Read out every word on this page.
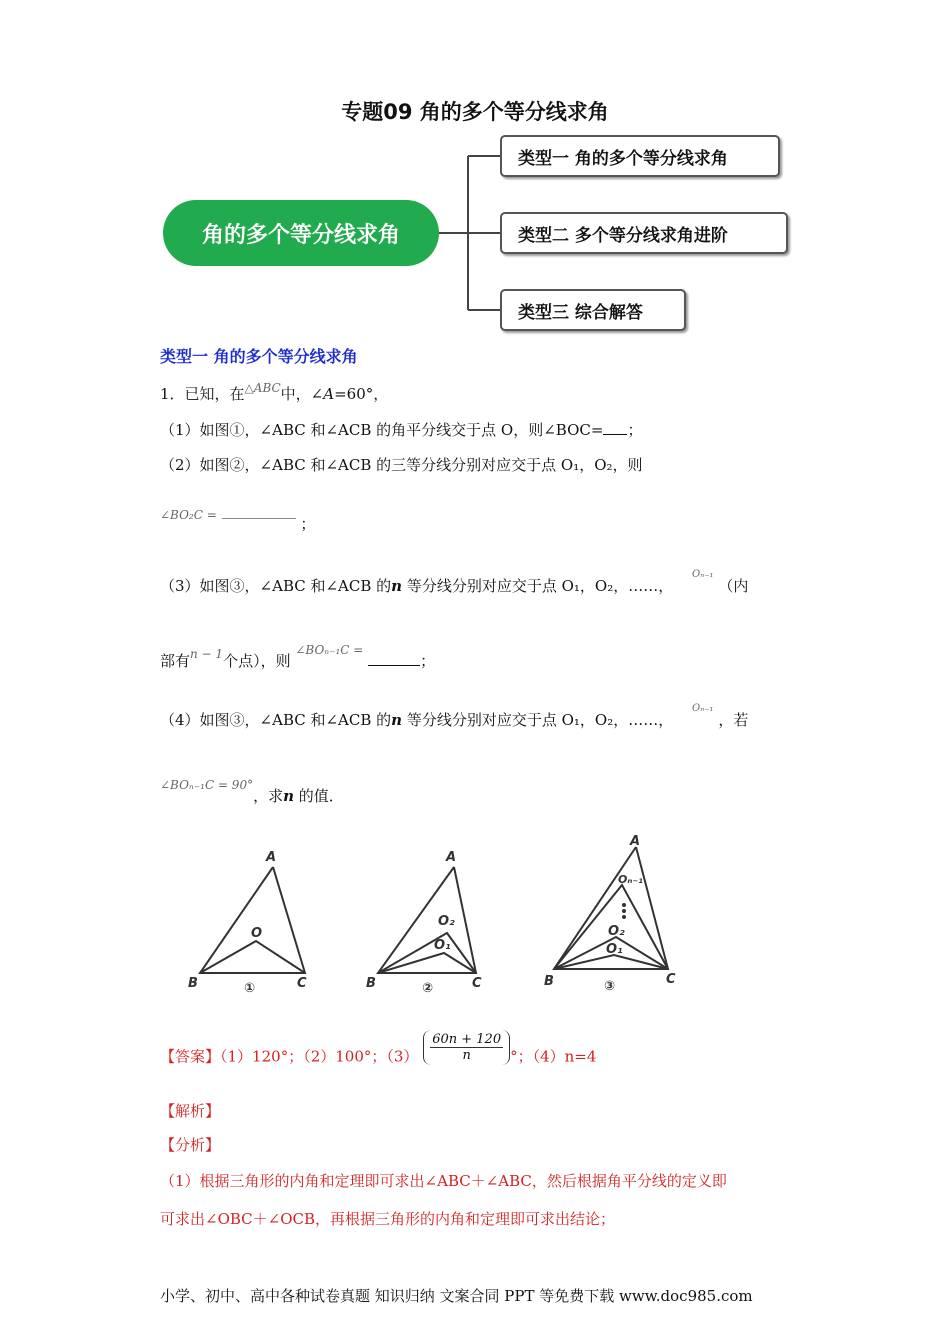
专题09 角的多个等分线求角
角的多个等分线求角
类型一 角的多个等分线求角
类型二 多个等分线求角进阶
类型三 综合解答
类型一 角的多个等分线求角
1．已知，在$^{\triangle ABC}$中，∠A=60°，
（1）如图①，∠ABC 和∠ACB 的角平分线交于点 O，则∠BOC= ；
（2）如图②，∠ABC 和∠ACB 的三等分线分别对应交于点 O₁，O₂，则
∠BO₂C =	；
（3）如图③，∠ABC 和∠ACB 的n 等分线分别对应交于点 O₁，O₂，……， $^{O_{n-1}}$ （内
部有$^{n - 1}$个点），则 $^{\angle BO_{n-1}C =}$ ；
（4）如图③，∠ABC 和∠ACB 的n 等分线分别对应交于点 O₁，O₂，……， $^{O_{n-1}}$ ，若
$^{\angle BO_{n-1}C = 90^\circ}$，求n 的值．
A
B	C
O
①
A
B	C
O₂
O₁
②
A
B	C
Oₙ₋₁
O₂
O₁
③
【答案】（1）120°；（2）100°；$(3) \frac{60n + 120}{n}$ °；（4）n=4
【解析】
【分析】
（1）根据三角形的内角和定理即可求出∠ABC＋∠ABC，然后根据角平分线的定义即
可求出∠OBC＋∠OCB，再根据三角形的内角和定理即可求出结论；
小学、初中、高中各种试卷真题 知识归纳 文案合同 PPT 等免费下载 www.doc985.com
